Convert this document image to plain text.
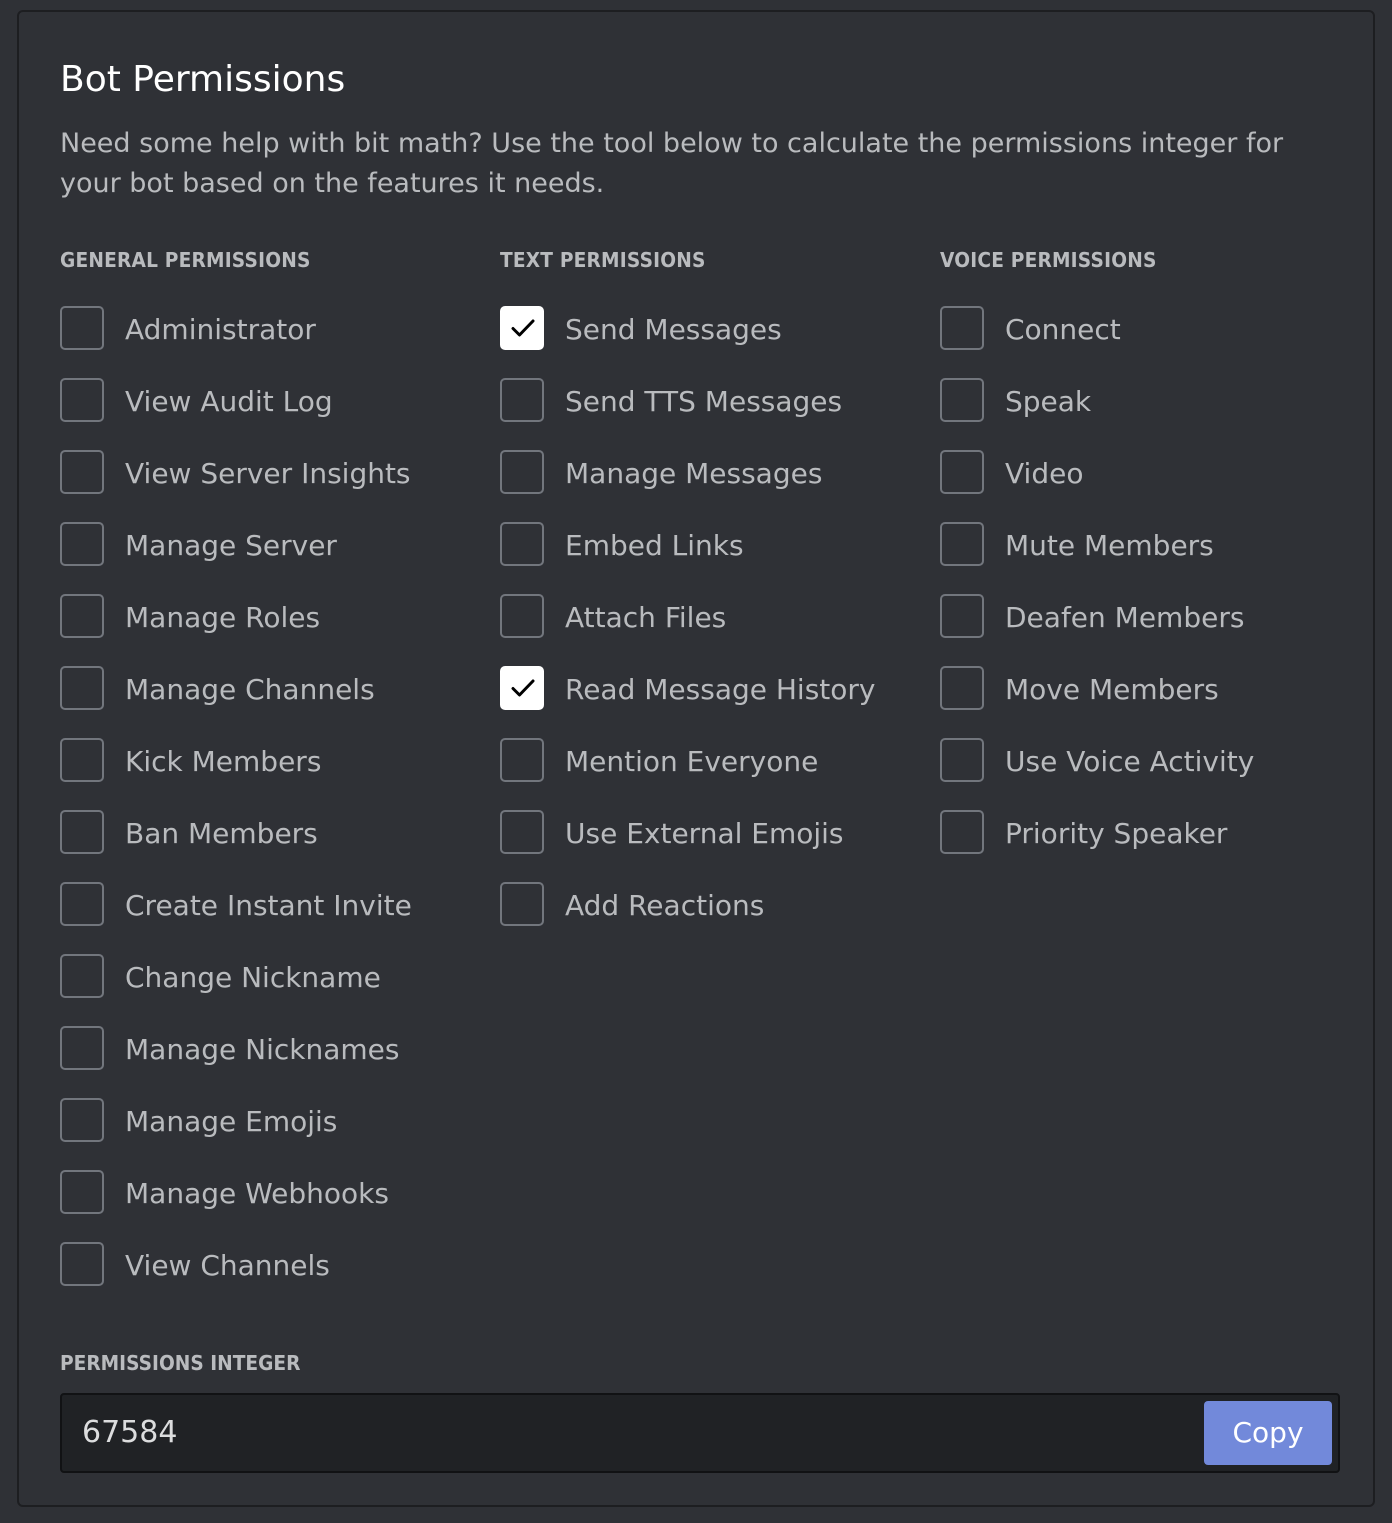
Bot Permissions

Need some help with bit math? Use the tool below to calculate the permissions integer for your bot based on the features it needs.

GENERAL PERMISSIONS
Administrator
View Audit Log
View Server Insights
Manage Server
Manage Roles
Manage Channels
Kick Members
Ban Members
Create Instant Invite
Change Nickname
Manage Nicknames
Manage Emojis
Manage Webhooks
View Channels
TEXT PERMISSIONS
Send Messages
Send TTS Messages
Manage Messages
Embed Links
Attach Files
Read Message History
Mention Everyone
Use External Emojis
Add Reactions
VOICE PERMISSIONS
Connect
Speak
Video
Mute Members
Deafen Members
Move Members
Use Voice Activity
Priority Speaker
PERMISSIONS INTEGER
67584
Copy
